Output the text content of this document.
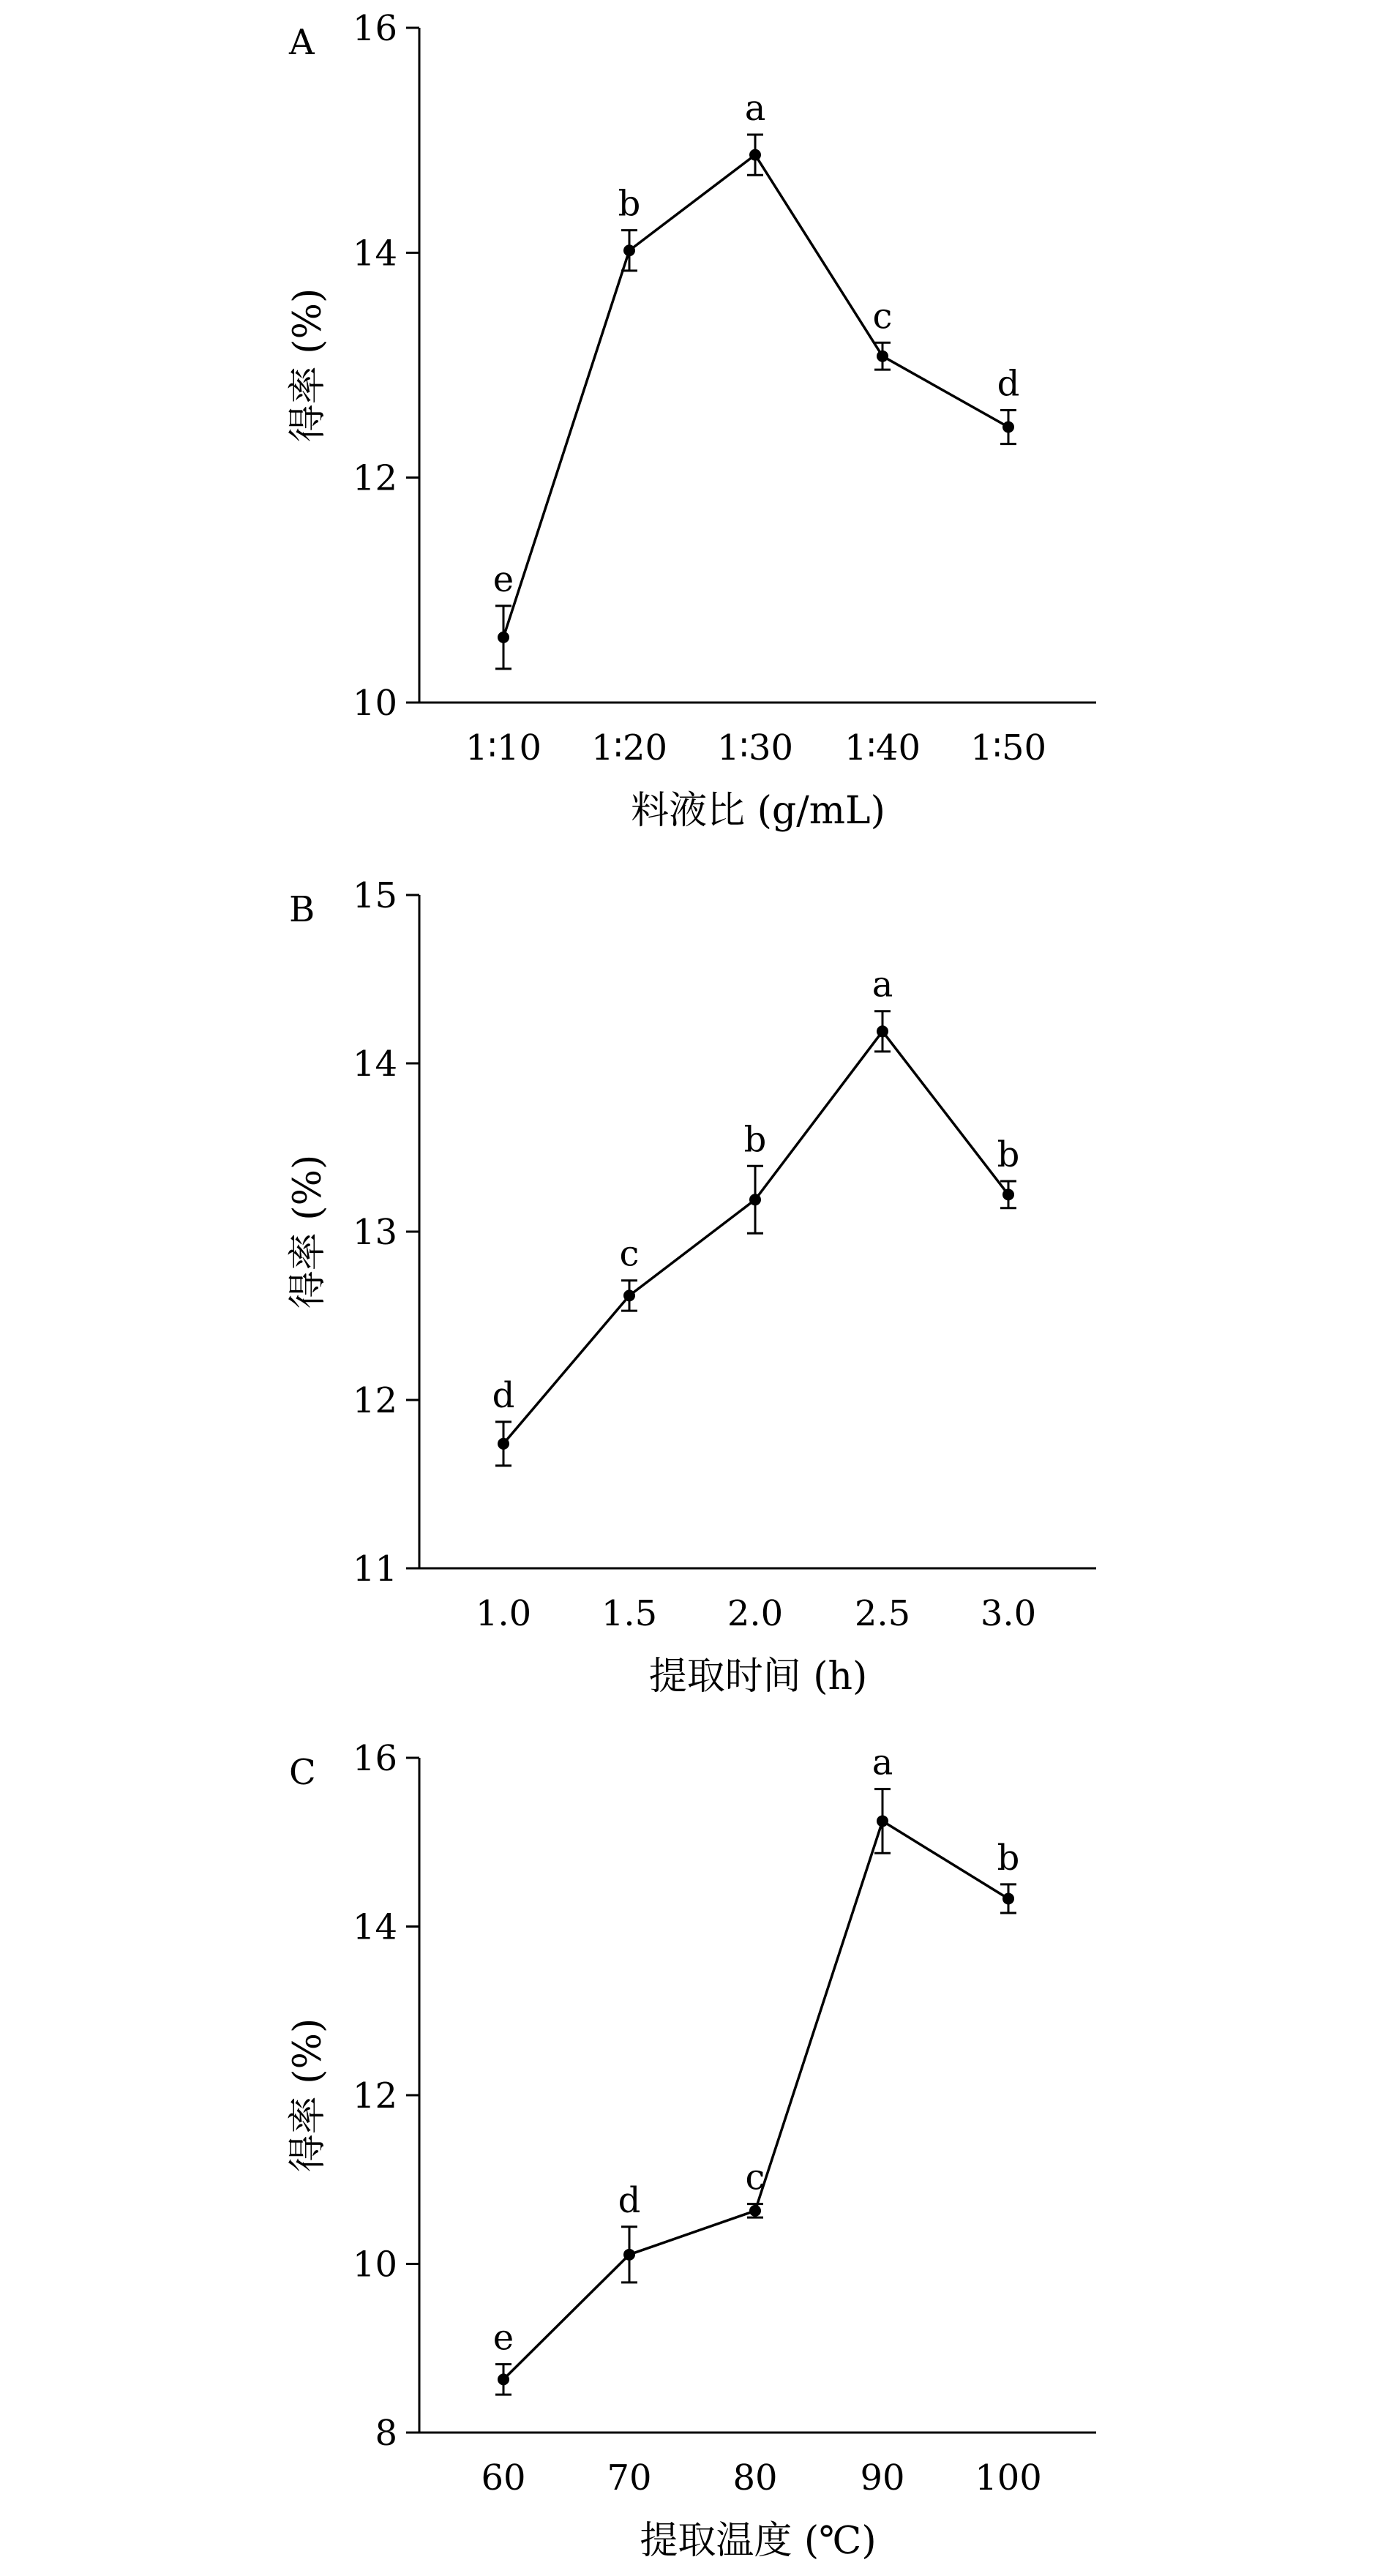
A
10
12
14
16
1∶10 1∶20 1∶30 1∶40 1∶50
料液比 (g/mL)
得率 (%)
e
b
a
c
d
B
11
12
13
14
15
1.0 1.5 2.0 2.5 3.0
提取时间 (h)
得率 (%)
d
c
b
a
b
C
8
10
12
14
16
60 70 80 90 100
提取温度 (℃)
得率 (%)
e
d
c
a
b
